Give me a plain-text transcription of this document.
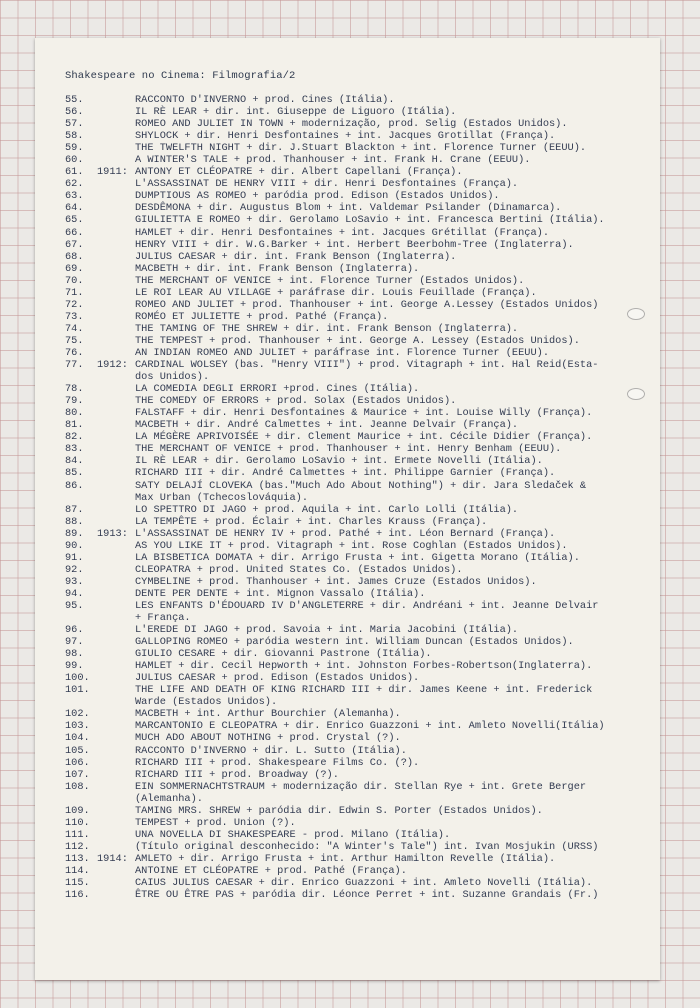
Shakespeare no Cinema: Filmografia/2
55.	RACCONTO D'INVERNO + prod. Cines (Itália).
56.	IL RÈ LEAR + dir. int. Giuseppe de Liguoro (Itália).
57.	ROMEO AND JULIET IN TOWN + modernização, prod. Selig (Estados Unidos).
58.	SHYLOCK + dir. Henri Desfontaines + int. Jacques Grotillat (França).
59.	THE TWELFTH NIGHT + dir. J.Stuart Blackton + int. Florence Turner (EEUU).
60.	A WINTER'S TALE + prod. Thanhouser + int. Frank H. Crane (EEUU).
61.	1911: ANTONY ET CLÉOPATRE + dir. Albert Capellani (França).
62.	L'ASSASSINAT DE HENRY VIII + dir. Henri Desfontaines (França).
63.	DUMPTIOUS AS ROMEO + paródia prod. Edison (Estados Unidos).
64.	DESDÊMONA + dir. Augustus Blom + int. Valdemar Psilander (Dinamarca).
65.	GIULIETTA E ROMEO + dir. Gerolamo LoSavio + int. Francesca Bertini (Itália).
66.	HAMLET + dir. Henri Desfontaines + int. Jacques Grétillat (França).
67.	HENRY VIII + dir. W.G.Barker + int. Herbert Beerbohm-Tree (Inglaterra).
68.	JULIUS CAESAR + dir. int. Frank Benson (Inglaterra).
69.	MACBETH + dir. int. Frank Benson (Inglaterra).
70.	THE MERCHANT OF VENICE + int. Florence Turner (Estados Unidos).
71.	LE ROI LEAR AU VILLAGE + paráfrase dir. Louis Feuillade (França).
72.	ROMEO AND JULIET + prod. Thanhouser + int. George A.Lessey (Estados Unidos)
73.	ROMÉO ET JULIETTE + prod. Pathé (França).
74.	THE TAMING OF THE SHREW + dir. int. Frank Benson (Inglaterra).
75.	THE TEMPEST + prod. Thanhouser + int. George A. Lessey (Estados Unidos).
76.	AN INDIAN ROMEO AND JULIET + paráfrase int. Florence Turner (EEUU).
77.	1912: CARDINAL WOLSEY (bas. "Henry VIII") + prod. Vitagraph + int. Hal Reid(Esta-
dos Unidos).
78.	LA COMEDIA DEGLI ERRORI +prod. Cines (Itália).
79.	THE COMEDY OF ERRORS + prod. Solax (Estados Unidos).
80.	FALSTAFF + dir. Henri Desfontaines & Maurice + int. Louise Willy (França).
81.	MACBETH + dir. André Calmettes + int. Jeanne Delvair (França).
82.	LA MÉGÈRE APRIVOISÉE + dir. Clement Maurice + int. Cécile Didier (França).
83.	THE MERCHANT OF VENICE + prod. Thanhouser + int. Henry Benham (EEUU).
84.	IL RÈ LEAR + dir. Gerolamo LoSavio + int. Ermete Novelli (Itália).
85.	RICHARD III + dir. André Calmettes + int. Philippe Garnier (França).
86.	SATY DELAJÍ CLOVEKA (bas."Much Ado About Nothing") + dir. Jara Sledaček &
Max Urban (Tchecoslováquia).
87.	LO SPETTRO DI JAGO + prod. Aquila + int. Carlo Lolli (Itália).
88.	LA TEMPÊTE + prod. Éclair + int. Charles Krauss (França).
89.	1913: L'ASSASSINAT DE HENRY IV + prod. Pathé + int. Léon Bernard (França).
90.	AS YOU LIKE IT + prod. Vitagraph + int. Rose Coghlan (Estados Unidos).
91.	LA BISBETICA DOMATA + dir. Arrigo Frusta + int. Gigetta Morano (Itália).
92.	CLEOPATRA + prod. United States Co. (Estados Unidos).
93.	CYMBELINE + prod. Thanhouser + int. James Cruze (Estados Unidos).
94.	DENTE PER DENTE + int. Mignon Vassalo (Itália).
95.	LES ENFANTS D'ÉDOUARD IV D'ANGLETERRE + dir. Andréani + int. Jeanne Delvair
+ França.
96.	L'EREDE DI JAGO + prod. Savoia + int. Maria Jacobini (Itália).
97.	GALLOPING ROMEO + paródia western int. William Duncan (Estados Unidos).
98.	GIULIO CESARE + dir. Giovanni Pastrone (Itália).
99.	HAMLET + dir. Cecil Hepworth + int. Johnston Forbes-Robertson(Inglaterra).
100.	JULIUS CAESAR + prod. Edison (Estados Unidos).
101.	THE LIFE AND DEATH OF KING RICHARD III + dir. James Keene + int. Frederick
Warde (Estados Unidos).
102.	MACBETH + int. Arthur Bourchier (Alemanha).
103.	MARCANTONIO E CLEOPATRA + dir. Enrico Guazzoni + int. Amleto Novelli(Itália)
104.	MUCH ADO ABOUT NOTHING + prod. Crystal (?).
105.	RACCONTO D'INVERNO + dir. L. Sutto (Itália).
106.	RICHARD III + prod. Shakespeare Films Co. (?).
107.	RICHARD III + prod. Broadway (?).
108.	EIN SOMMERNACHTSTRAUM + modernização dir. Stellan Rye + int. Grete Berger
(Alemanha).
109.	TAMING MRS. SHREW + paródia dir. Edwin S. Porter (Estados Unidos).
110.	TEMPEST + prod. Union (?).
111.	UNA NOVELLA DI SHAKESPEARE - prod. Milano (Itália).
112.	(Título original desconhecido: "A Winter's Tale") int. Ivan Mosjukin (URSS)
113. 1914: AMLETO + dir. Arrigo Frusta + int. Arthur Hamilton Revelle (Itália).
114.	ANTOINE ET CLÉOPATRE + prod. Pathé (França).
115.	CAIUS JULIUS CAESAR + dir. Enrico Guazzoni + int. Amleto Novelli (Itália).
116.	ÊTRE OU ÊTRE PAS + paródia dir. Léonce Perret + int. Suzanne Grandais (Fr.)
